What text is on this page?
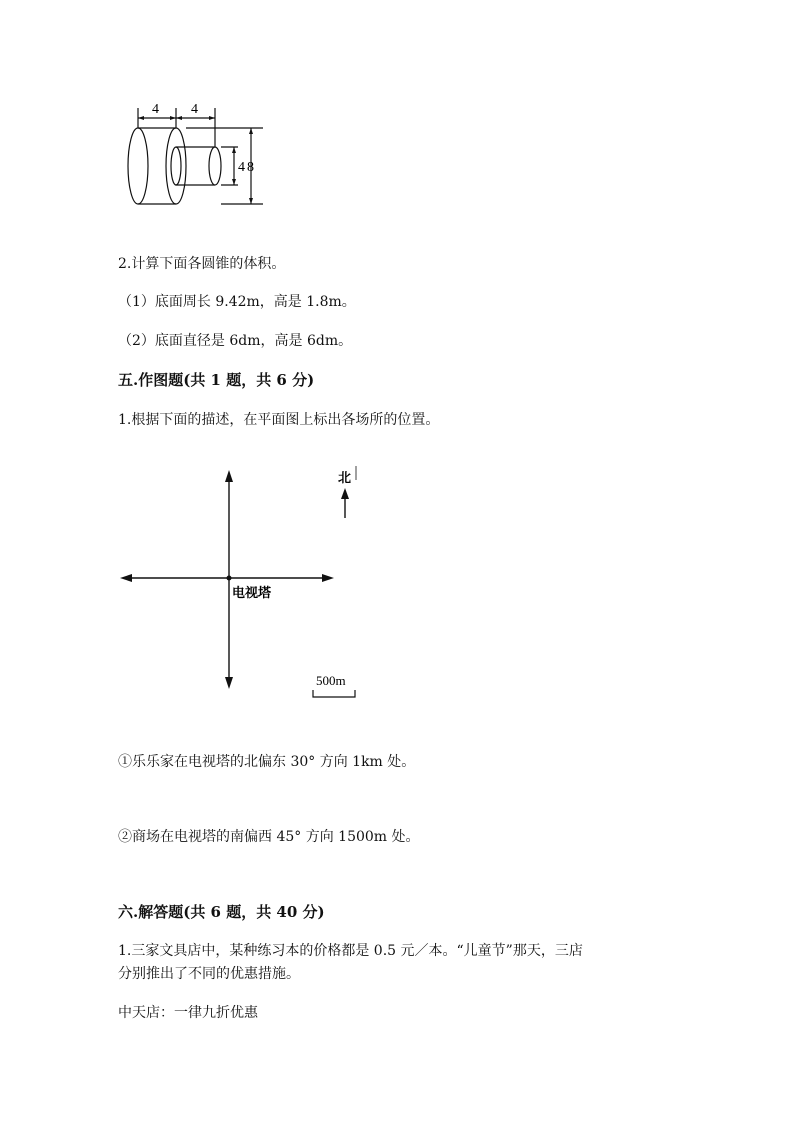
4 4
4 8
2.计算下面各圆锥的体积。
（1）底面周长 9.42m，高是 1.8m。
（2）底面直径是 6dm，高是 6dm。
五.作图题(共 1 题，共 6 分)
1.根据下面的描述，在平面图上标出各场所的位置。
北
电视塔
500m
①乐乐家在电视塔的北偏东 30° 方向 1km 处。
②商场在电视塔的南偏西 45° 方向 1500m 处。
六.解答题(共 6 题，共 40 分)
1.三家文具店中，某种练习本的价格都是 0.5 元／本。“儿童节”那天，三店
分别推出了不同的优惠措施。
中天店：一律九折优惠
